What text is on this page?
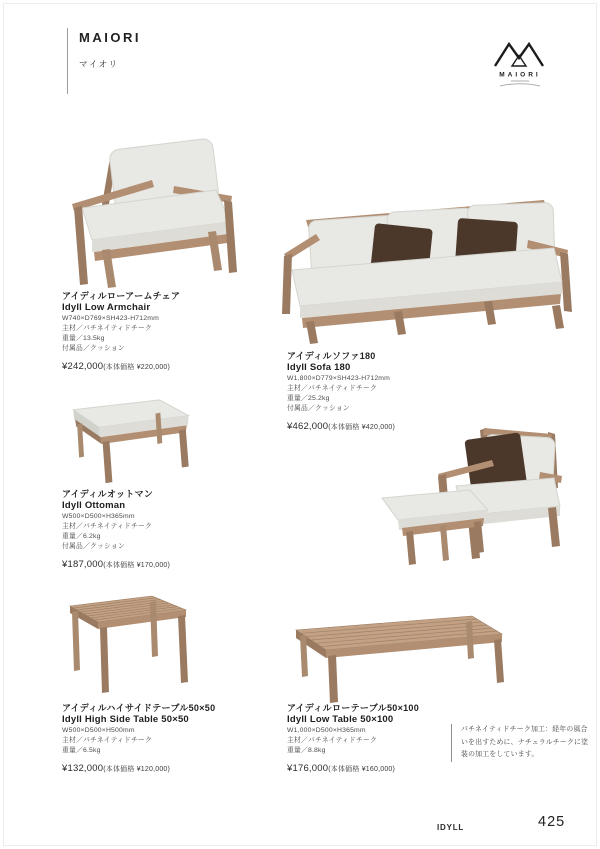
MAIORI
マイオリ
MAIORI
アイディルローアームチェア
Idyll Low Armchair
W740×D769×SH423-H712mm
主材／パチネイティドチーク
重量／13.5kg
付属品／クッション
¥242,000(本体価格 ¥220,000)
アイディルソファ180
Idyll Sofa 180
W1,800×D779×SH423-H712mm
主材／パチネイティドチーク
重量／25.2kg
付属品／クッション
¥462,000(本体価格 ¥420,000)
アイディルオットマン
Idyll Ottoman
W500×D500×H365mm
主材／パチネイティドチーク
重量／6.2kg
付属品／クッション
¥187,000(本体価格 ¥170,000)
アイディルハイサイドテーブル50×50
Idyll High Side Table 50×50
W500×D500×H500mm
主材／パチネイティドチーク
重量／6.5kg
¥132,000(本体価格 ¥120,000)
アイディルローテーブル50×100
Idyll Low Table 50×100
W1,000×D500×H365mm
主材／パチネイティドチーク
重量／8.8kg
¥176,000(本体価格 ¥160,000)
パチネイティドチーク加工：経年の風合いを出すために、ナチュラルチークに塗装の加工をしています。
IDYLL	425
